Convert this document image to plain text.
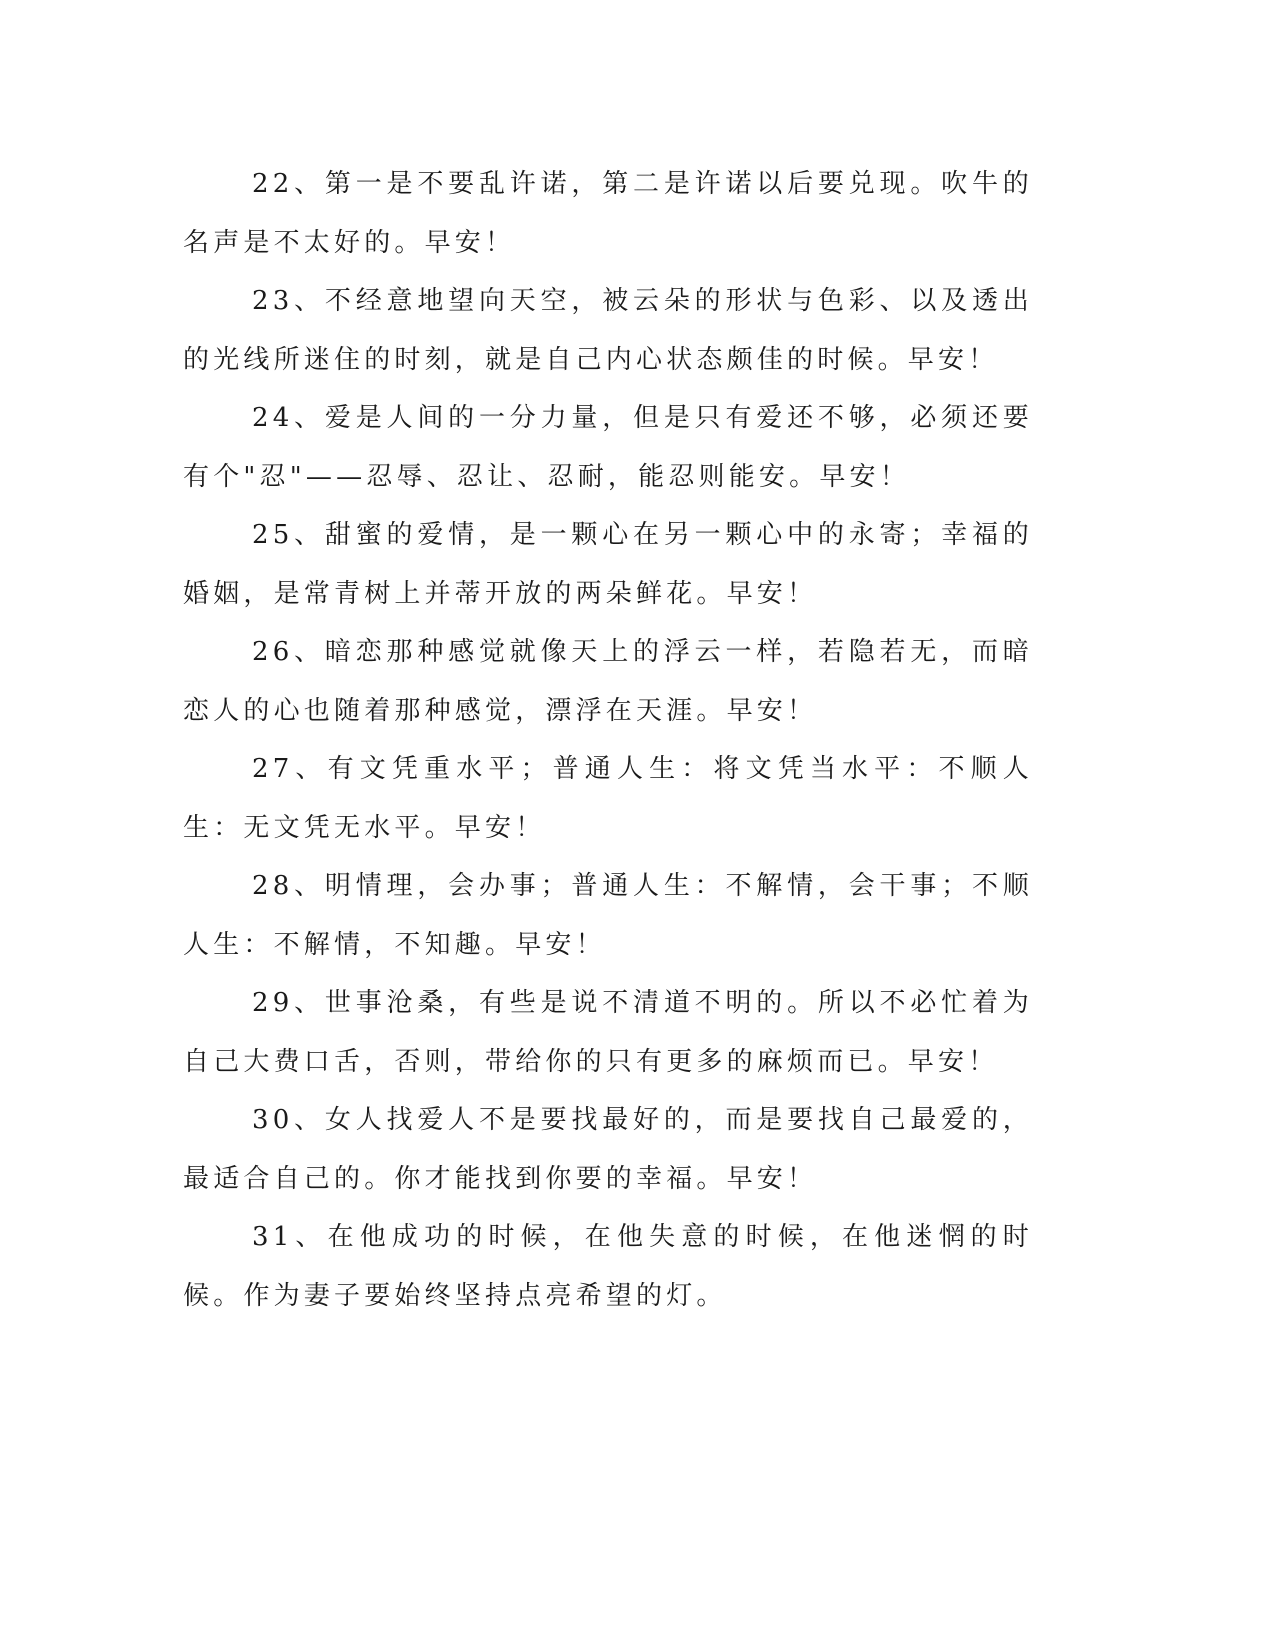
22、第一是不要乱许诺，第二是许诺以后要兑现。吹牛的名声是不太好的。早安！

23、不经意地望向天空，被云朵的形状与色彩、以及透出的光线所迷住的时刻，就是自己内心状态颇佳的时候。早安！

24、爱是人间的一分力量，但是只有爱还不够，必须还要有个"忍"——忍辱、忍让、忍耐，能忍则能安。早安！

25、甜蜜的爱情，是一颗心在另一颗心中的永寄；幸福的婚姻，是常青树上并蒂开放的两朵鲜花。早安！

26、暗恋那种感觉就像天上的浮云一样，若隐若无，而暗恋人的心也随着那种感觉，漂浮在天涯。早安！

27、有文凭重水平；普通人生：将文凭当水平：不顺人生：无文凭无水平。早安！

28、明情理，会办事；普通人生：不解情，会干事；不顺人生：不解情，不知趣。早安！

29、世事沧桑，有些是说不清道不明的。所以不必忙着为自己大费口舌，否则，带给你的只有更多的麻烦而已。早安！

30、女人找爱人不是要找最好的，而是要找自己最爱的，最适合自己的。你才能找到你要的幸福。早安！

31、在他成功的时候，在他失意的时候，在他迷惘的时候。作为妻子要始终坚持点亮希望的灯。
